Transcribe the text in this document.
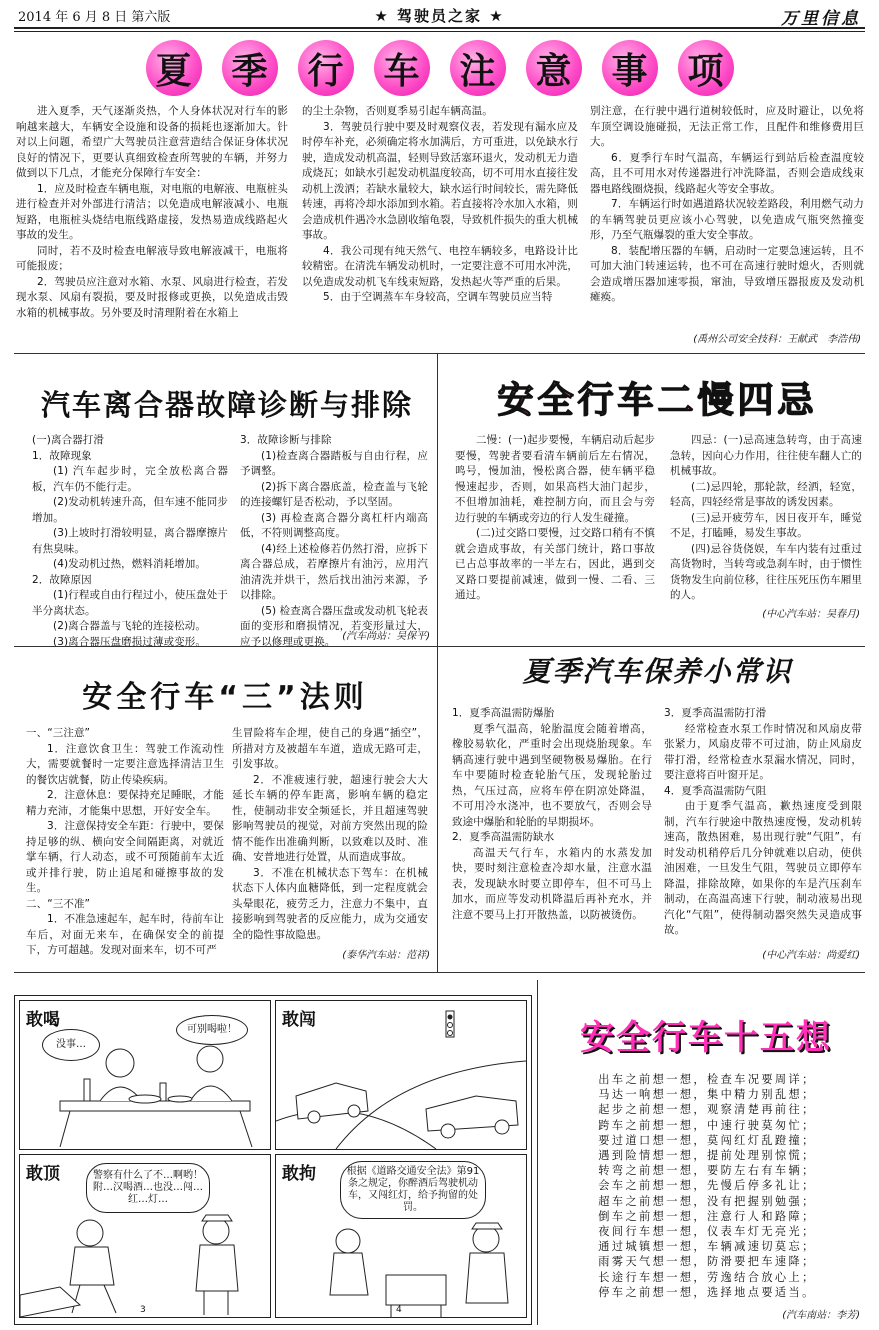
2014 年 6 月 8 日 第六版	★ 驾驶员之家 ★	万里信息
夏 季 行 车 注 意 事 项

进入夏季，天气逐渐炎热，个人身体状况对行车的影响越来越大，车辆安全设施和设备的损耗也逐渐加大。针对以上问题，希望广大驾驶员注意营造结合保证身体状况良好的情况下，更要认真细致检查所驾驶的车辆，并努力做到以下几点，才能充分保障行车安全：

1．应及时检查车辆电瓶，对电瓶的电解液、电瓶桩头进行检查并对外部进行清洁；以免造成电解液减小、电瓶短路，电瓶桩头烧结电瓶线路虚接，发热易造成线路起火事故的发生。

同时，若不及时检查电解液导致电解液减干，电瓶将可能报废；

2．驾驶员应注意对水箱、水泵、风扇进行检查，若发现水泵、风扇有裂损，要及时报修或更换，以免造成击毁水箱的机械事故。另外要及时清理附着在水箱上

的尘土杂物，否则夏季易引起车辆高温。

3．驾驶员行驶中要及时观察仪表，若发现有漏水应及时停车补充，必须确定将水加满后，方可重进，以免缺水行驶，造成发动机高温，轻则导致活塞环退火，发动机无力造成烧瓦；如缺水引起发动机温度较高，切不可用水直接往发动机上泼洒；若缺水量较大，缺水运行时间较长，需先降低转速，再将冷却水添加到水箱。若直接将冷水加入水箱，则会造成机件遇冷水急剧收缩龟裂，导致机件损失的重大机械事故。

4．我公司现有纯天然气、电控车辆较多，电路设计比较精密。在清洗车辆发动机时，一定要注意不可用水冲洗，以免造成发动机飞车线束短路，发热起火等严重的后果。

5．由于空调蒸车车身较高，空调车驾驶员应当特

别注意，在行驶中遇行道树较低时，应及时避让，以免将车顶空调设施碰损，无法正常工作，且配件和维修费用巨大。

6．夏季行车时气温高，车辆运行到站后检查温度较高，且不可用水对传递器进行冲洗降温，否则会造成线束器电路线圈烧损，线路起火等安全事故。

7．车辆运行时如遇道路状况较差路段，利用燃气动力的车辆驾驶员更应该小心驾驶，以免造成气瓶突然撞变形，乃至气瓶爆裂的重大安全事故。

8．装配增压器的车辆，启动时一定要急速运转，且不可加大油门转速运转，也不可在高速行驶时熄火，否则就会造成增压器加速零损，窜油，导致增压器报废及发动机瘫痪。

(禹州公司安全技科：王献武　李浩伟)
汽车离合器故障诊断与排除

(一)离合器打滑

1．故障现象

(1) 汽车起步时，完全放松离合器板，汽车仍不能行走。

(2)发动机转速升高，但车速不能同步增加。

(3)上坡时打滑较明显，离合器摩擦片有焦臭味。

(4)发动机过热，燃料消耗增加。

2．故障原因

(1)行程或自由行程过小，使压盘处于半分离状态。

(2)离合器盖与飞轮的连接松动。

(3)离合器压盘磨损过薄或变形。

3．故障诊断与排除

(1)检查离合器踏板与自由行程，应予调整。

(2)拆下离合器底盖，检查盖与飞轮的连接螺钉是否松动，予以坚固。

(3) 再检查离合器分离杠杆内端高低，不符则调整高度。

(4)经上述检修若仍然打滑，应拆下离合器总成，若摩擦片有油污，应用汽油清洗并烘干，然后找出油污来源，予以排除。

(5) 检查离合器压盘或发动机飞轮表面的变形和磨损情况，若变形量过大，应予以修理或更换。 (汽车尚站：吴保平)
安全行车二慢四忌

二慢：(一)起步要慢，车辆启动后起步要慢，驾驶者要看清车辆前后左右情况，鸣号，慢加油，慢松离合器，使车辆平稳慢速起步，否则，如果高档大油门起步，不但增加油耗，难控制方向，而且会与旁边行驶的车辆或旁边的行人发生碰撞。

(二)过交路口要慢，过交路口稍有不慎就会造成事故，有关部门统计，路口事故已占总事故率的一半左右，因此，遇到交叉路口要提前减速，做到一慢、二看、三通过。

四忌：(一)忌高速急转弯，由于高速急转，因向心力作用，往往使车翻人亡的机械事故。

(二)忌四轮，那轮款，经洒，轻宽，轻高，四轻经常是事故的诱发因素。

(三)忌开疲劳车，因日夜开车，睡觉不足，打瞌睡，易发生事故。

(四)忌谷货侥娱，车车内装有过重过高货物时，当转弯或急刹车时，由于惯性货物发生向前位移，往往压死压伤车厢里的人。

(中心汽车站：吴春月)
安全行车“三”法则

一、“三注意”

1．注意饮食卫生：驾驶工作流动性大，需要就餐时一定要注意选择清洁卫生的餐饮店就餐，防止传染疾病。

2．注意休息：要保持充足睡眠，才能精力充沛，才能集中思想，开好安全车。

3．注意保持安全车距：行驶中，要保持足够的纵、横向安全间隔距离，对就近掌车辆，行人动态，或不可预随前车太近或并排行驶，防止追尾和碰擦事故的发生。

二、“三不准”

1．不准急速起车，起车时，待前车让车后，对面无来车，在确保安全的前提下，方可超越。发现对面来车，切不可严

生冒险将车企埋，使自己的身遇“插空”，所措对方及被超车车道，造成无路可走，引发事故。

2．不准疲速行驶，超速行驶会大大延长车辆的停车距离，影响车辆的稳定性，使制动非安全频延长，并且超速驾驶影响驾驶员的视觉，对前方突然出现的险情不能作出准确判断，以致难以及时、准确、安普地进行处置，从而造成事故。

3．不准在机械状态下驾车：在机械状态下人体内血糖降低，到一定程度就会头晕眼花，疲劳乏力，注意力不集中，直接影响到驾驶者的反应能力，成为交通安全的隐性事故隐患。

(泰华汽车站：范祥)
夏季汽车保养小常识

1．夏季高温需防爆胎

夏季气温高，轮胎温度会随着增高，橡胶易软化，严重时会出现烧胎现象。车辆高速行驶中遇到坚硬物极易爆胎。在行车中要随时检查轮胎气压，发现轮胎过热，气压过高，应将车停在阴凉处降温，不可用冷水浇冲，也不要放气，否则会导致途中爆胎和轮胎的早期损坏。

2．夏季高温需防缺水

高温天气行车，水箱内的水蒸发加快，要时刻注意检查冷却水量，注意水温表，发现缺水时要立即停车，但不可马上加水，而应等发动机降温后再补充水，并注意不要马上打开散热盖，以防被烫伤。

3．夏季高温需防打滑

经常检查水泵工作时情况和风扇皮带张紧力，风扇皮带不可过油，防止风扇皮带打滑，经常检查水泵漏水情况，同时，要注意将百叶窗开足。

4．夏季高温需防气阻

由于夏季气温高，歉热速度受到限制，汽车行驶途中散热速度慢，发动机转速高，散热困难，易出现行驶“气阻”，有时发动机稍停后几分钟就难以启动，使供油困难，一旦发生气阻，驾驶员立即停车降温，排除故障，如果你的车是汽压刹车制动，在高温高速下行驶，制动液易出现汽化“气阻”，使得制动器突然失灵造成事故。

(中心汽车站：尚爱红)
敢喝
没事…
可别喝啦！	敢闯
敢顶	警察有什么了不…啊哟！附…汉喝酒…也没…闯…红…灯…
3
敢拘	根据《道路交通安全法》第91条之规定，你醉酒后驾驶机动车，又闯红灯，给予拘留的处罚。
4
安全行车十五想
出车之前想一想，检查车况要周详；
马达一响想一想，集中精力别乱想；
起步之前想一想，观察清楚再前往；
跨车之前想一想，中速行驶莫匆忙；
要过道口想一想，莫闯红灯乱蹬撞；
遇到险情想一想，提前处理别惊慌；
转弯之前想一想，要防左右有车辆；
会车之前想一想，先慢后停多礼让；
超车之前想一想，没有把握别勉强；
倒车之前想一想，注意行人和路障；
夜间行车想一想，仪表车灯无亮光；
通过城镇想一想，车辆减速切莫忘；
雨雾天气想一想，防滑要把车速降；
长途行车想一想，劳逸结合放心上；
停车之前想一想，选择地点要适当。
(汽车南站：李芳)
